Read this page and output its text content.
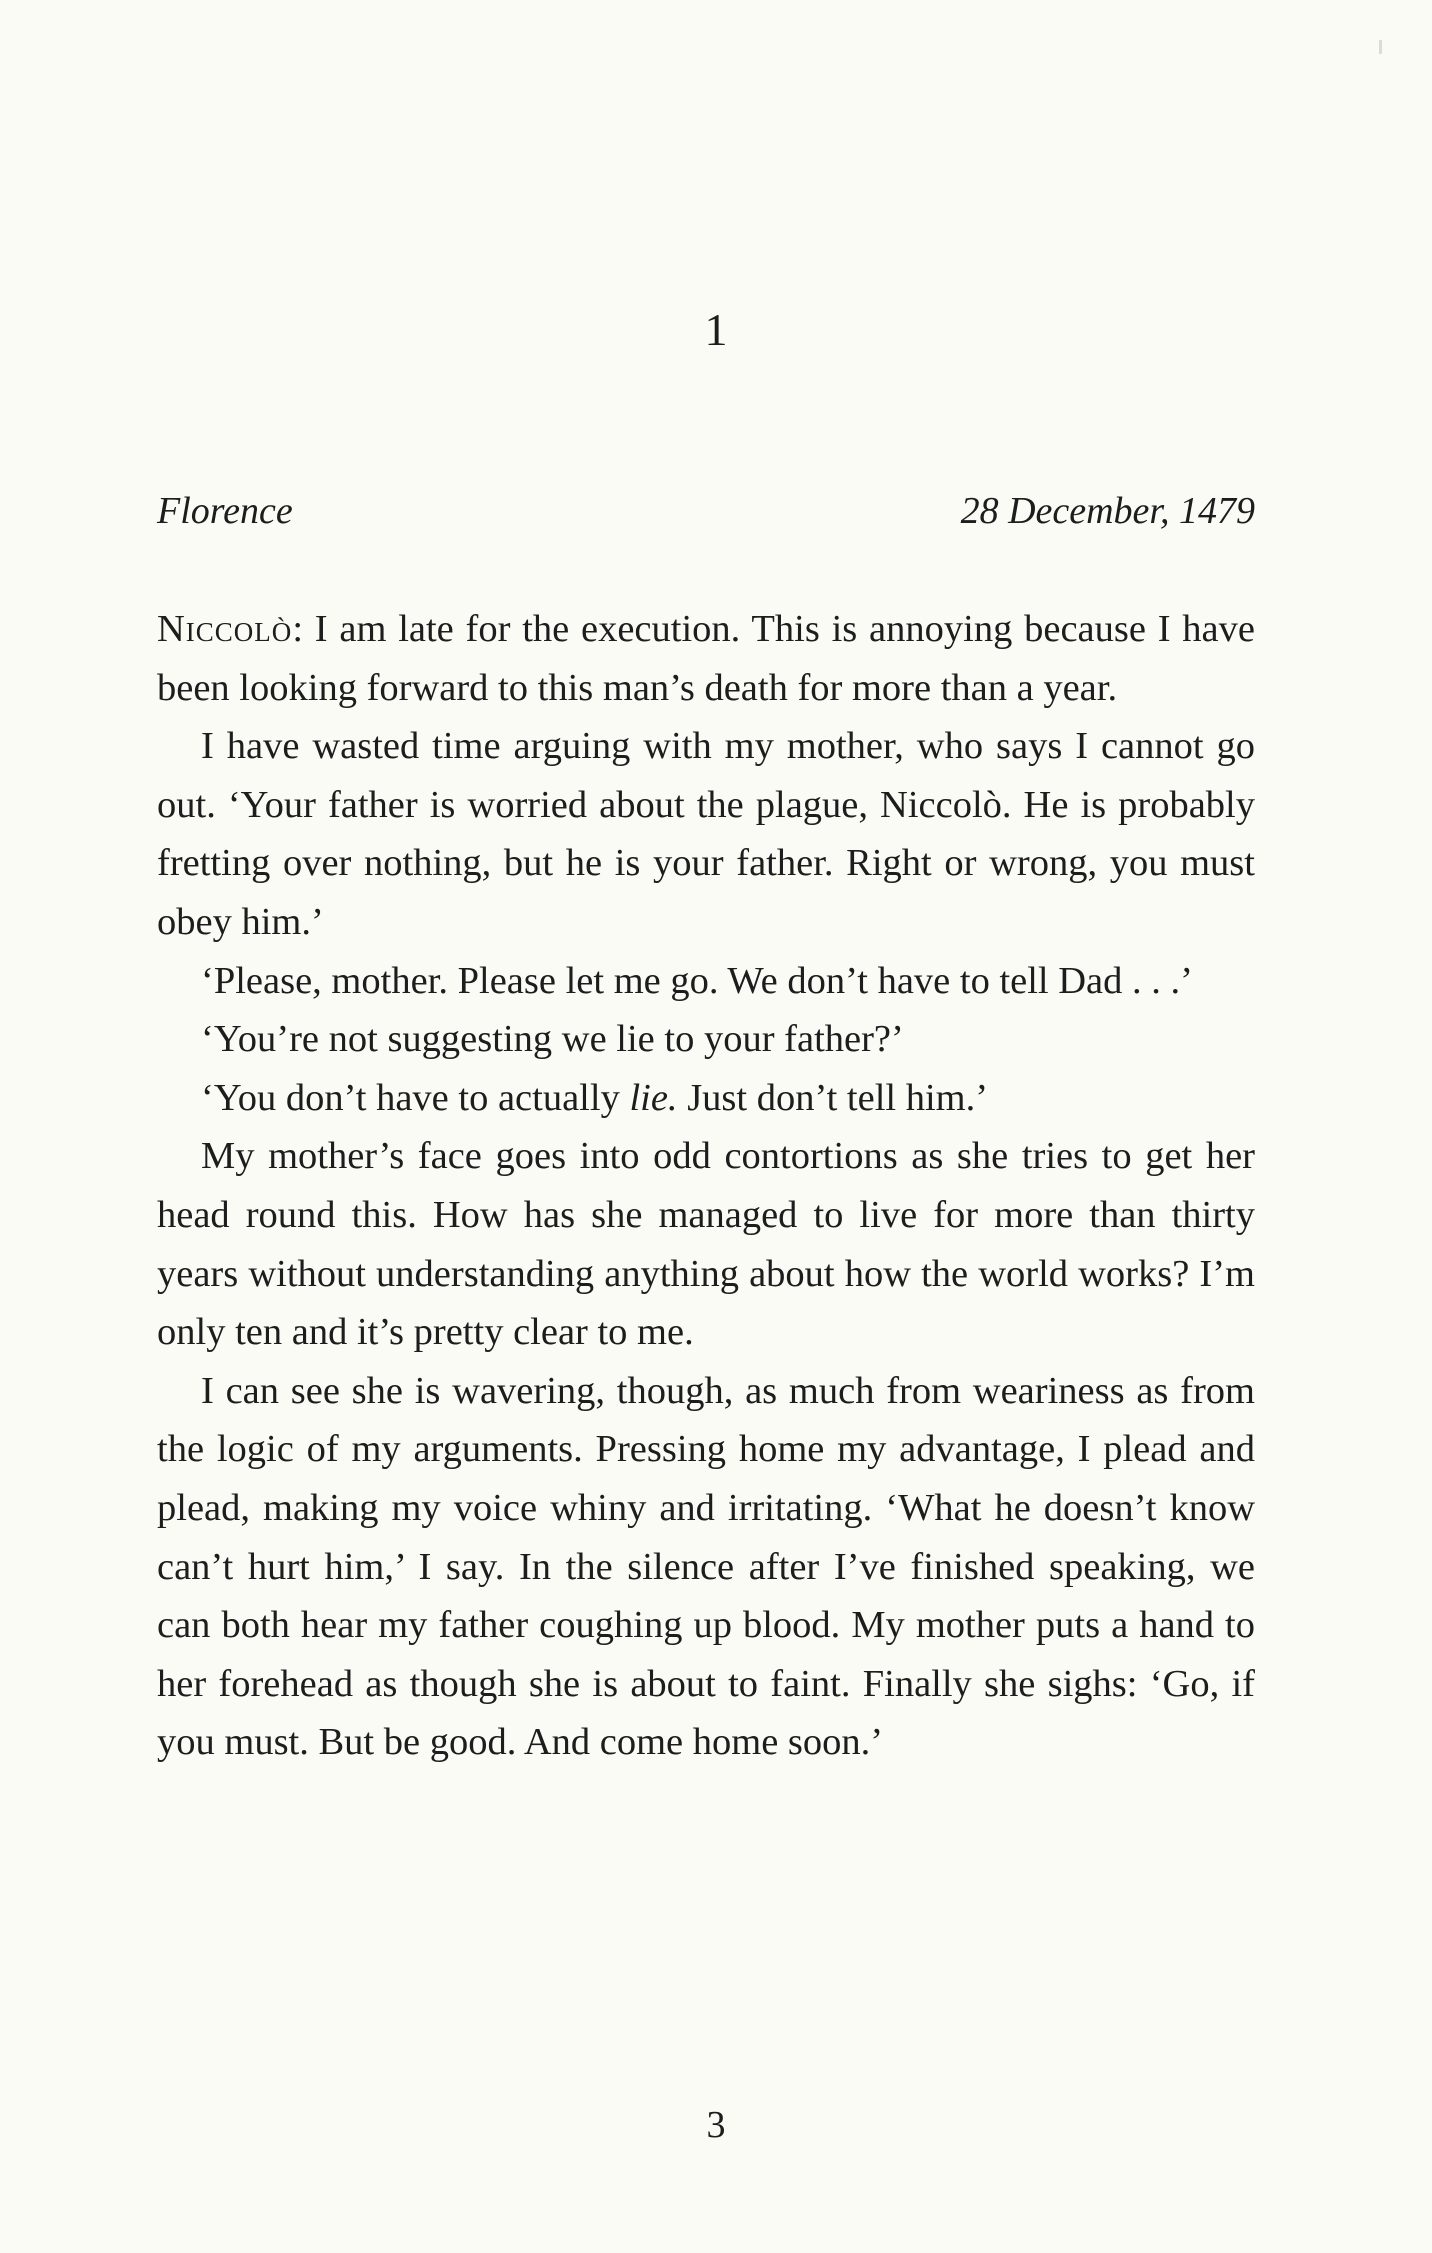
1
Florence	28 December, 1479

Niccolò: I am late for the execution. This is annoying because I have been looking forward to this man’s death for more than a year.

I have wasted time arguing with my mother, who says I cannot go out. ‘Your father is worried about the plague, Niccolò. He is probably fretting over nothing, but he is your father. Right or wrong, you must obey him.’

‘Please, mother. Please let me go. We don’t have to tell Dad . . .’

‘You’re not suggesting we lie to your father?’

‘You don’t have to actually lie. Just don’t tell him.’

My mother’s face goes into odd contortions as she tries to get her head round this. How has she managed to live for more than thirty years without understanding anything about how the world works? I’m only ten and it’s pretty clear to me.

I can see she is wavering, though, as much from weariness as from the logic of my arguments. Pressing home my advantage, I plead and plead, making my voice whiny and irritating. ‘What he doesn’t know can’t hurt him,’ I say. In the silence after I’ve finished speaking, we can both hear my father coughing up blood. My mother puts a hand to her forehead as though she is about to faint. Finally she sighs: ‘Go, if you must. But be good. And come home soon.’

3
